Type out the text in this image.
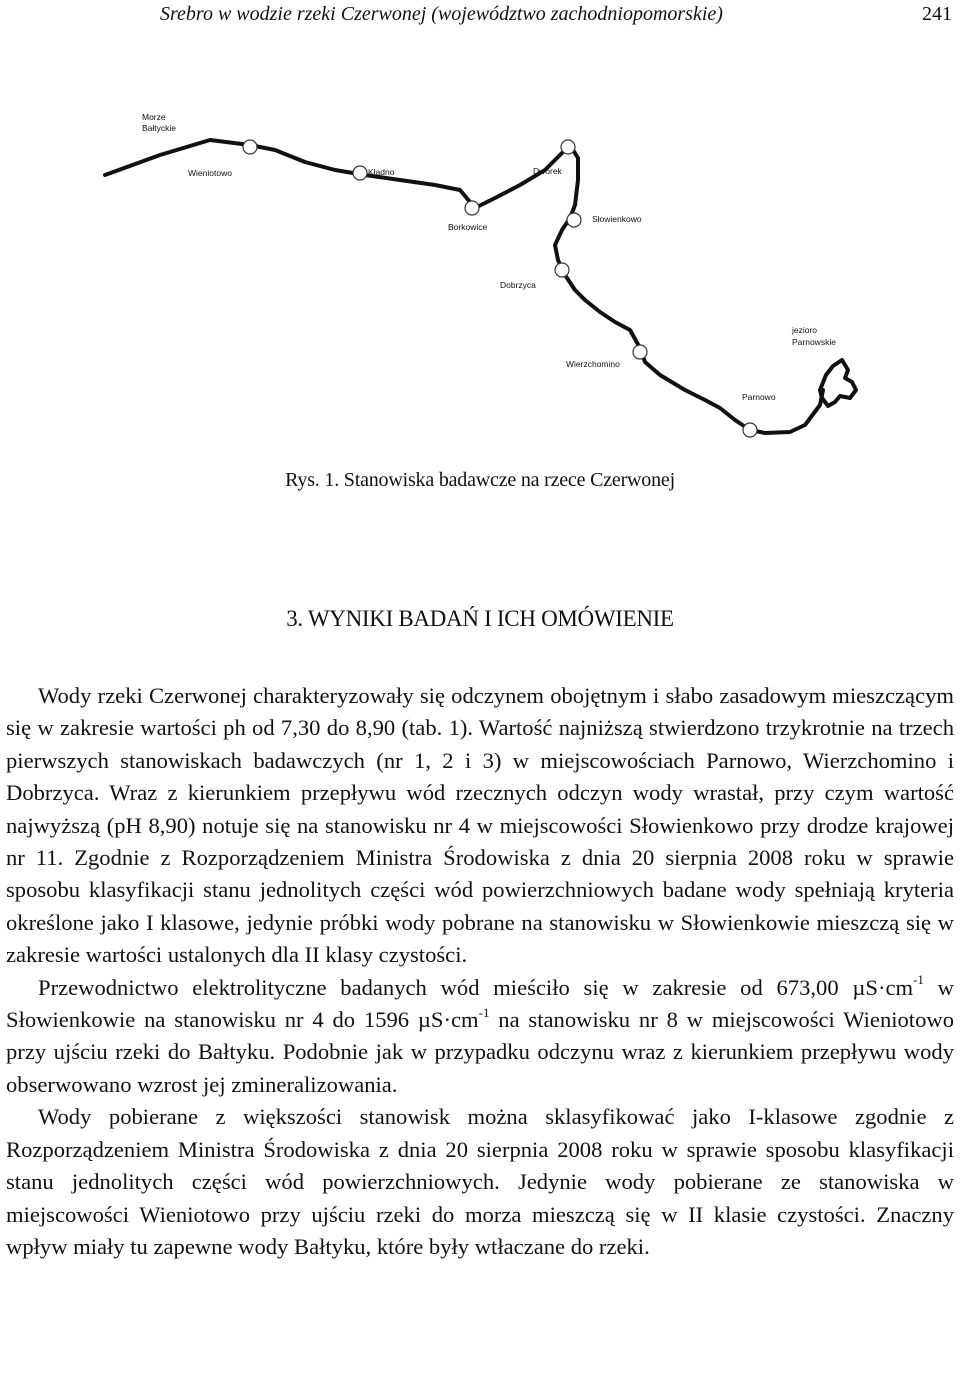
Srebro w wodzie rzeki Czerwonej (województwo zachodniopomorskie)	241
Morze
Bałtyckie
Wieniotowo	Kładno	Dworek
Borkowice
Słowienkowo
Dobrzyca
jezioro
Parnowskie
Wierzchomino
Parnowo
Rys. 1. Stanowiska badawcze na rzece Czerwonej
3. WYNIKI BADAŃ I ICH OMÓWIENIE

Wody rzeki Czerwonej charakteryzowały się odczynem obojętnym i słabo zasadowym mieszczącym się w zakresie wartości ph od 7,30 do 8,90 (tab. 1). Wartość najniższą stwierdzono trzykrotnie na trzech pierwszych stanowiskach badawczych (nr 1, 2 i 3) w miejscowościach Parnowo, Wierzchomino i Dobrzyca. Wraz z kierunkiem przepływu wód rzecznych odczyn wody wrastał, przy czym wartość najwyższą (pH 8,90) notuje się na stanowisku nr 4 w miejscowości Słowienkowo przy drodze krajowej nr 11. Zgodnie z Rozporządzeniem Ministra Środowiska z dnia 20 sierpnia 2008 roku w sprawie sposobu klasyfikacji stanu jednolitych części wód powierzchniowych badane wody spełniają kryteria określone jako I klasowe, jedynie próbki wody pobrane na stanowisku w Słowienkowie mieszczą się w zakresie wartości ustalonych dla II klasy czystości.

Przewodnictwo elektrolityczne badanych wód mieściło się w zakresie od 673,00 $\mu S\cdot cm^{-1}$ w Słowienkowie na stanowisku nr 4 do 1596 $\mu S\cdot cm^{-1}$ na stanowisku nr 8 w miejscowości Wieniotowo przy ujściu rzeki do Bałtyku. Podobnie jak w przypadku odczynu wraz z kierunkiem przepływu wody obserwowano wzrost jej zmineralizowania.

Wody pobierane z większości stanowisk można sklasyfikować jako I-klasowe zgodnie z Rozporządzeniem Ministra Środowiska z dnia 20 sierpnia 2008 roku w sprawie sposobu klasyfikacji stanu jednolitych części wód powierzchniowych. Jedynie wody pobierane ze stanowiska w miejscowości Wieniotowo przy ujściu rzeki do morza mieszczą się w II klasie czystości. Znaczny wpływ miały tu zapewne wody Bałtyku, które były wtłaczane do rzeki.
